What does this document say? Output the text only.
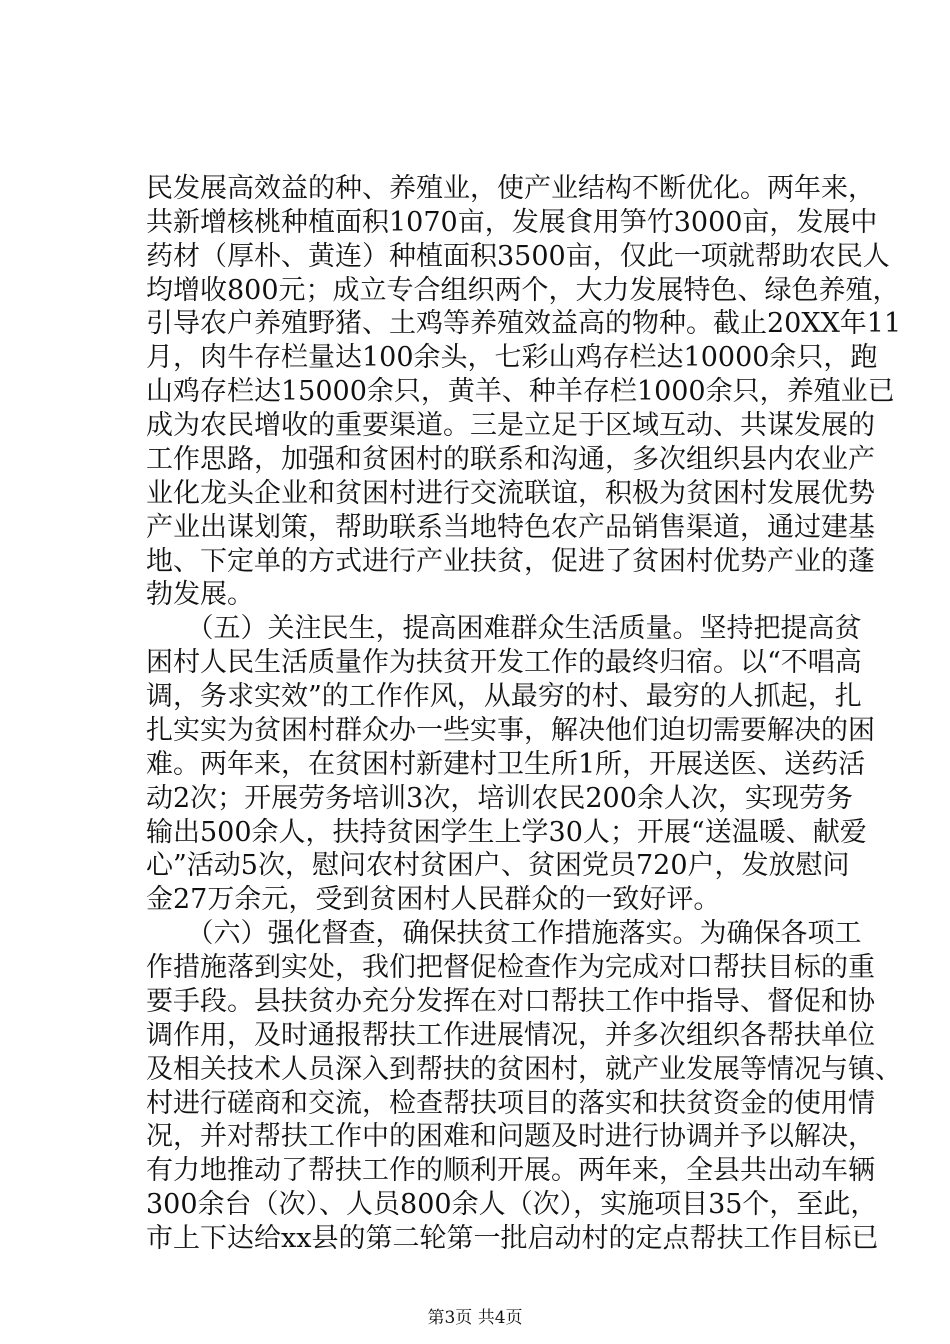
民发展高效益的种、养殖业，使产业结构不断优化。两年来，
共新增核桃种植面积1070亩，发展食用笋竹3000亩，发展中
药材（厚朴、黄连）种植面积3500亩，仅此一项就帮助农民人
均增收800元；成立专合组织两个，大力发展特色、绿色养殖，
引导农户养殖野猪、土鸡等养殖效益高的物种。截止20XX年11
月，肉牛存栏量达100余头，七彩山鸡存栏达10000余只，跑
山鸡存栏达15000余只，黄羊、种羊存栏1000余只，养殖业已
成为农民增收的重要渠道。三是立足于区域互动、共谋发展的
工作思路，加强和贫困村的联系和沟通，多次组织县内农业产
业化龙头企业和贫困村进行交流联谊，积极为贫困村发展优势
产业出谋划策，帮助联系当地特色农产品销售渠道，通过建基
地、下定单的方式进行产业扶贫，促进了贫困村优势产业的蓬
勃发展。
　　（五）关注民生，提高困难群众生活质量。坚持把提高贫
困村人民生活质量作为扶贫开发工作的最终归宿。以“不唱高
调，务求实效”的工作作风，从最穷的村、最穷的人抓起，扎
扎实实为贫困村群众办一些实事，解决他们迫切需要解决的困
难。两年来，在贫困村新建村卫生所1所，开展送医、送药活
动2次；开展劳务培训3次，培训农民200余人次，实现劳务
输出500余人，扶持贫困学生上学30人；开展“送温暖、献爱
心”活动5次，慰问农村贫困户、贫困党员720户，发放慰问
金27万余元，受到贫困村人民群众的一致好评。
　　（六）强化督查，确保扶贫工作措施落实。为确保各项工
作措施落到实处，我们把督促检查作为完成对口帮扶目标的重
要手段。县扶贫办充分发挥在对口帮扶工作中指导、督促和协
调作用，及时通报帮扶工作进展情况，并多次组织各帮扶单位
及相关技术人员深入到帮扶的贫困村，就产业发展等情况与镇、
村进行磋商和交流，检查帮扶项目的落实和扶贫资金的使用情
况，并对帮扶工作中的困难和问题及时进行协调并予以解决，
有力地推动了帮扶工作的顺利开展。两年来，全县共出动车辆
300余台（次）、人员800余人（次），实施项目35个，至此，
市上下达给xx县的第二轮第一批启动村的定点帮扶工作目标已
第3页 共4页
